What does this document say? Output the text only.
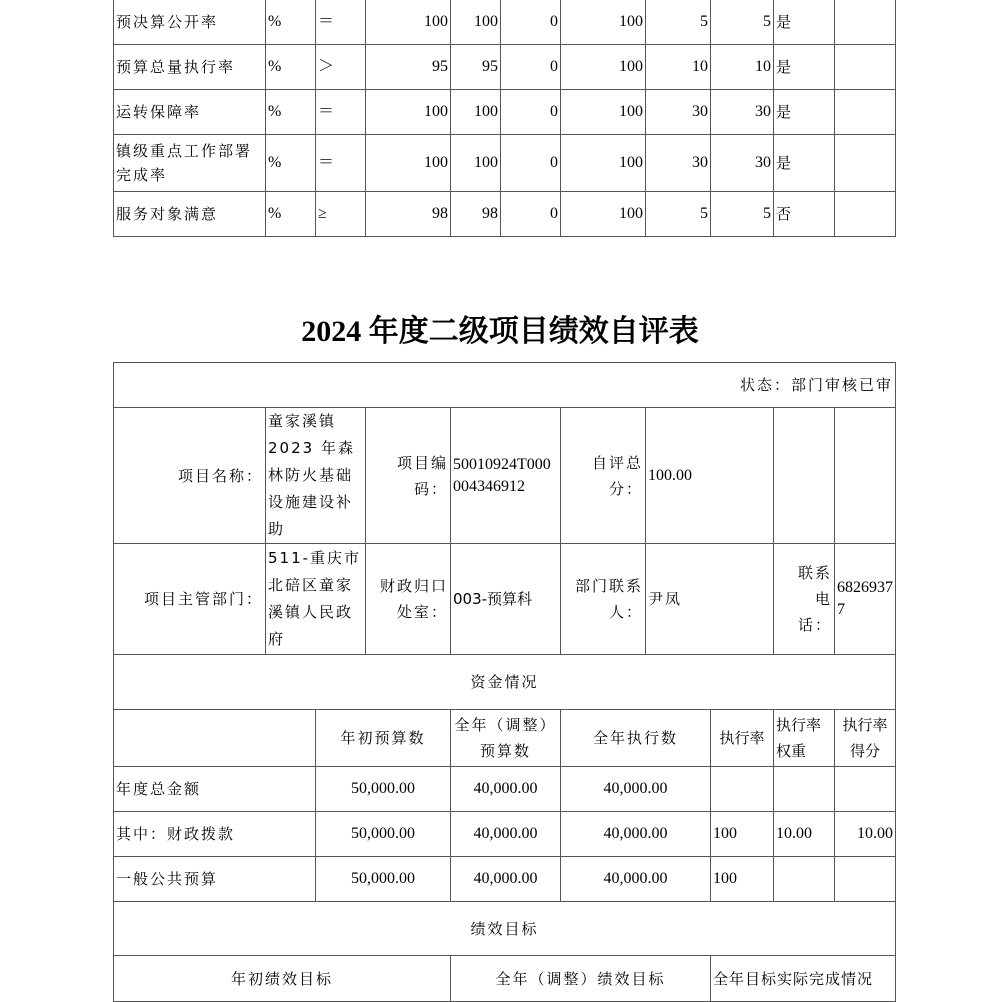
预决算公开率	%	＝	100	100	0	100	5	5	是	
预算总量执行率	%	＞	95	95	0	100	10	10	是	
运转保障率	%	＝	100	100	0	100	30	30	是	
镇级重点工作部署完成率	%	＝	100	100	0	100	30	30	是	
服务对象满意	%	≥	98	98	0	100	5	5	否	
2024 年度二级项目绩效自评表
状态：部门审核已审									
项目名称：	童家溪镇2023 年森林防火基础设施建设补助		项目编码：	50010924T000004346912	自评总分：	100.00			
项目主管部门：	511-重庆市北碚区童家溪镇人民政府		财政归口处室：	003-预算科	部门联系人：	尹凤		联系电话：	68269377
资金情况									
		年初预算数		全年（调整）预算数	全年执行数		执行率	执行率权重	执行率得分
年度总金额		50,000.00		40,000.00	40,000.00				
其中：财政拨款		50,000.00		40,000.00	40,000.00		100	10.00	10.00
一般公共预算		50,000.00		40,000.00	40,000.00		100		
绩效目标									
年初绩效目标				全年（调整）绩效目标			全年目标实际完成情况		
